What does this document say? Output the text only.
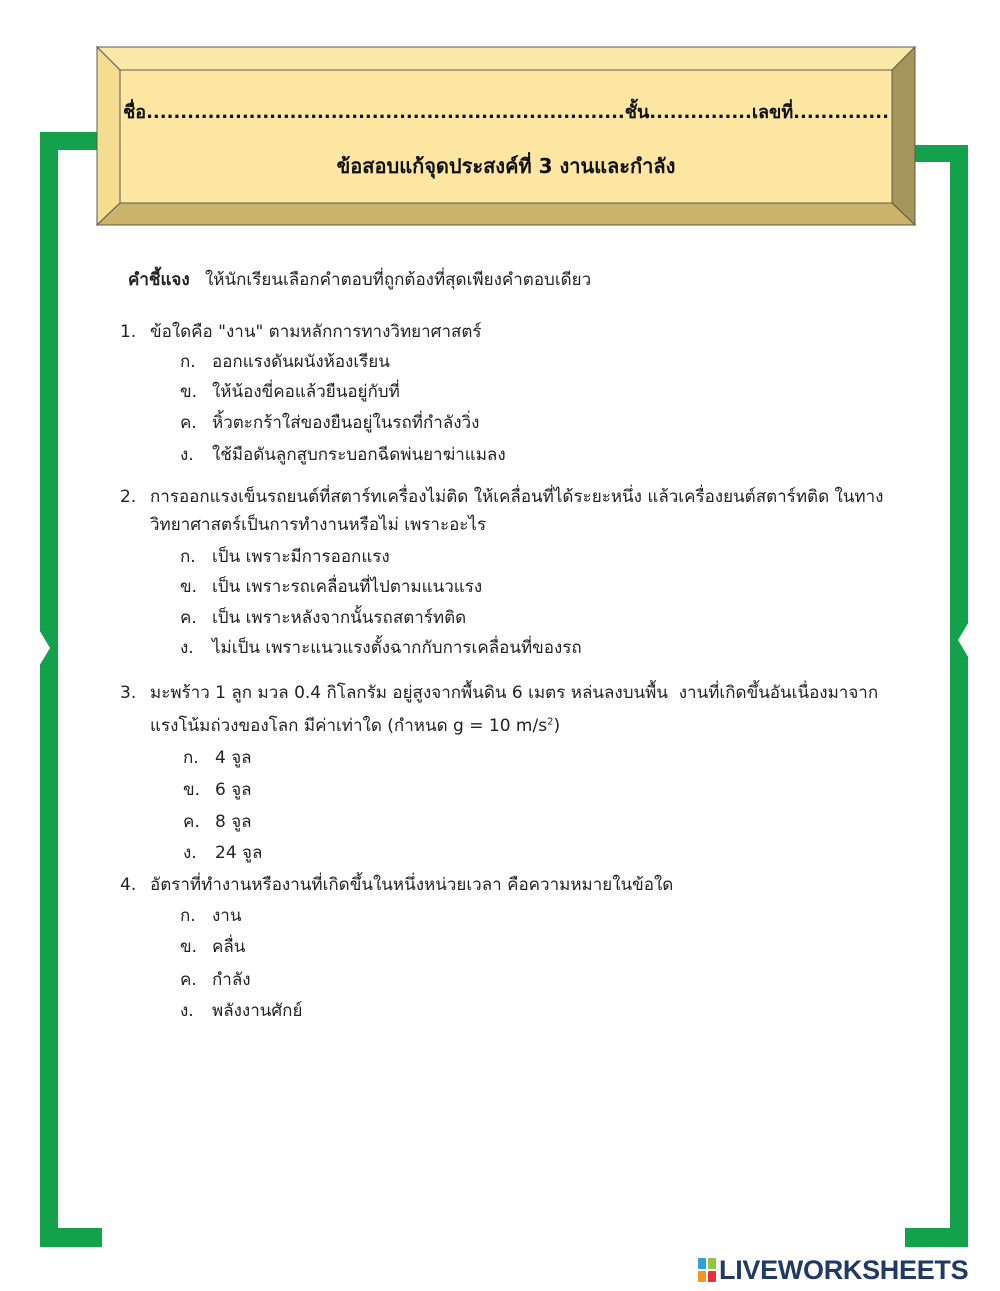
ชื่อ......................................................................ชั้น...............เลขที่..............
ข้อสอบแก้จุดประสงค์ที่ 3 งานและกำลัง
คำชี้แจง ให้นักเรียนเลือกคำตอบที่ถูกต้องที่สุดเพียงคำตอบเดียว
1. ข้อใดคือ "งาน" ตามหลักการทางวิทยาศาสตร์
ก. ออกแรงดันผนังห้องเรียน
ข. ให้น้องขี่คอแล้วยืนอยู่กับที่
ค. หิ้วตะกร้าใส่ของยืนอยู่ในรถที่กำลังวิ่ง
ง.	ใช้มือดันลูกสูบกระบอกฉีดพ่นยาฆ่าแมลง
2. การออกแรงเข็นรถยนต์ที่สตาร์ทเครื่องไม่ติด ให้เคลื่อนที่ได้ระยะหนึ่ง แล้วเครื่องยนต์สตาร์ทติด ในทาง
วิทยาศาสตร์เป็นการทำงานหรือไม่ เพราะอะไร
ก. เป็น เพราะมีการออกแรง
ข. เป็น เพราะรถเคลื่อนที่ไปตามแนวแรง
ค. เป็น เพราะหลังจากนั้นรถสตาร์ทติด
ง.	ไม่เป็น เพราะแนวแรงตั้งฉากกับการเคลื่อนที่ของรถ
3. มะพร้าว 1 ลูก มวล 0.4 กิโลกรัม อยู่สูงจากพื้นดิน 6 เมตร หล่นลงบนพื้น  งานที่เกิดขึ้นอันเนื่องมาจาก
แรงโน้มถ่วงของโลก มีค่าเท่าใด (กำหนด g = 10 $m/s^2$)
ก. 4 จูล
ข. 6 จูล
ค. 8 จูล
ง.	24 จูล
4. อัตราที่ทำงานหรืองานที่เกิดขึ้นในหนึ่งหน่วยเวลา คือความหมายในข้อใด
ก. งาน
ข. คลื่น
ค. กำลัง
ง.	พลังงานศักย์
LIVEWORKSHEETS
